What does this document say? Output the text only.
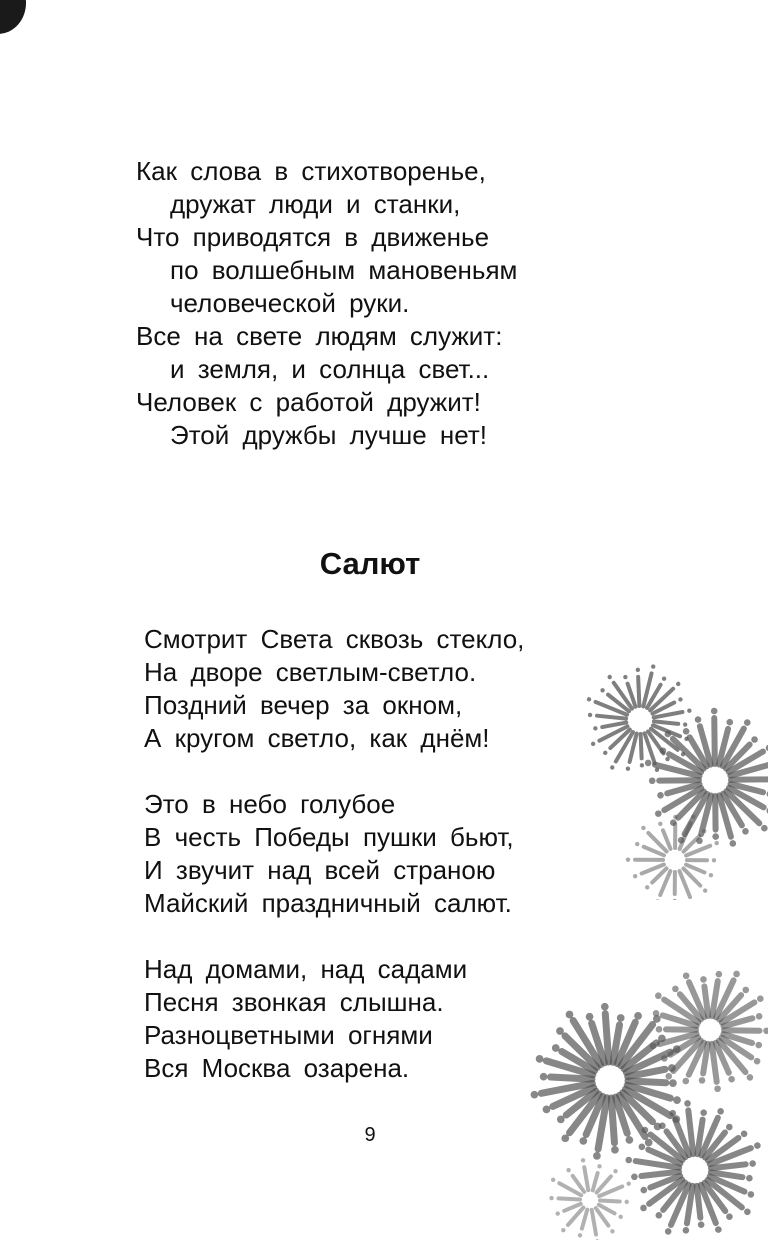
Как слова в стихотворенье,
дружат люди и станки,
Что приводятся в движенье
по волшебным мановеньям
человеческой руки.
Все на свете людям служит:
и земля, и солнца свет...
Человек с работой дружит!
Этой дружбы лучше нет!
Салют
Смотрит Света сквозь стекло,
На дворе светлым-светло.
Поздний вечер за окном,
А кругом светло, как днём!
Это в небо голубое
В честь Победы пушки бьют,
И звучит над всей страною
Майский праздничный салют.
Над домами, над садами
Песня звонкая слышна.
Разноцветными огнями
Вся Москва озарена.
9
